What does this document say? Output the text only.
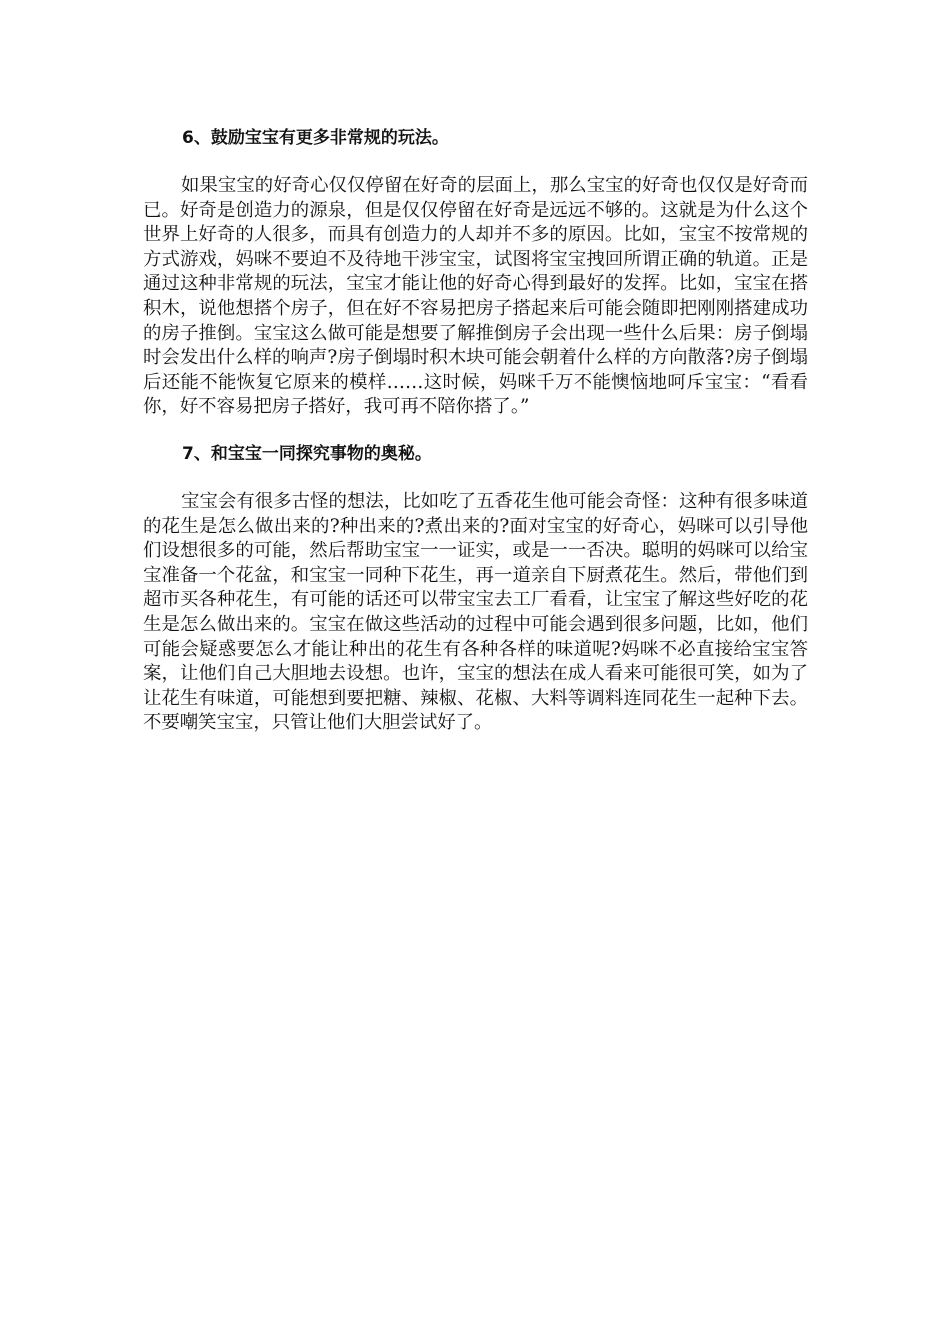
6、鼓励宝宝有更多非常规的玩法。

如果宝宝的好奇心仅仅停留在好奇的层面上，那么宝宝的好奇也仅仅是好奇而已。好奇是创造力的源泉，但是仅仅停留在好奇是远远不够的。这就是为什么这个世界上好奇的人很多，而具有创造力的人却并不多的原因。比如，宝宝不按常规的方式游戏，妈咪不要迫不及待地干涉宝宝，试图将宝宝拽回所谓正确的轨道。正是通过这种非常规的玩法，宝宝才能让他的好奇心得到最好的发挥。比如，宝宝在搭积木，说他想搭个房子，但在好不容易把房子搭起来后可能会随即把刚刚搭建成功的房子推倒。宝宝这么做可能是想要了解推倒房子会出现一些什么后果：房子倒塌时会发出什么样的响声?房子倒塌时积木块可能会朝着什么样的方向散落?房子倒塌后还能不能恢复它原来的模样……这时候，妈咪千万不能懊恼地呵斥宝宝：“看看你，好不容易把房子搭好，我可再不陪你搭了。”

7、和宝宝一同探究事物的奥秘。

宝宝会有很多古怪的想法，比如吃了五香花生他可能会奇怪：这种有很多味道的花生是怎么做出来的?种出来的?煮出来的?面对宝宝的好奇心，妈咪可以引导他们设想很多的可能，然后帮助宝宝一一证实，或是一一否决。聪明的妈咪可以给宝宝准备一个花盆，和宝宝一同种下花生，再一道亲自下厨煮花生。然后，带他们到超市买各种花生，有可能的话还可以带宝宝去工厂看看，让宝宝了解这些好吃的花生是怎么做出来的。宝宝在做这些活动的过程中可能会遇到很多问题，比如，他们可能会疑惑要怎么才能让种出的花生有各种各样的味道呢?妈咪不必直接给宝宝答案，让他们自己大胆地去设想。也许，宝宝的想法在成人看来可能很可笑，如为了让花生有味道，可能想到要把糖、辣椒、花椒、大料等调料连同花生一起种下去。不要嘲笑宝宝，只管让他们大胆尝试好了。
